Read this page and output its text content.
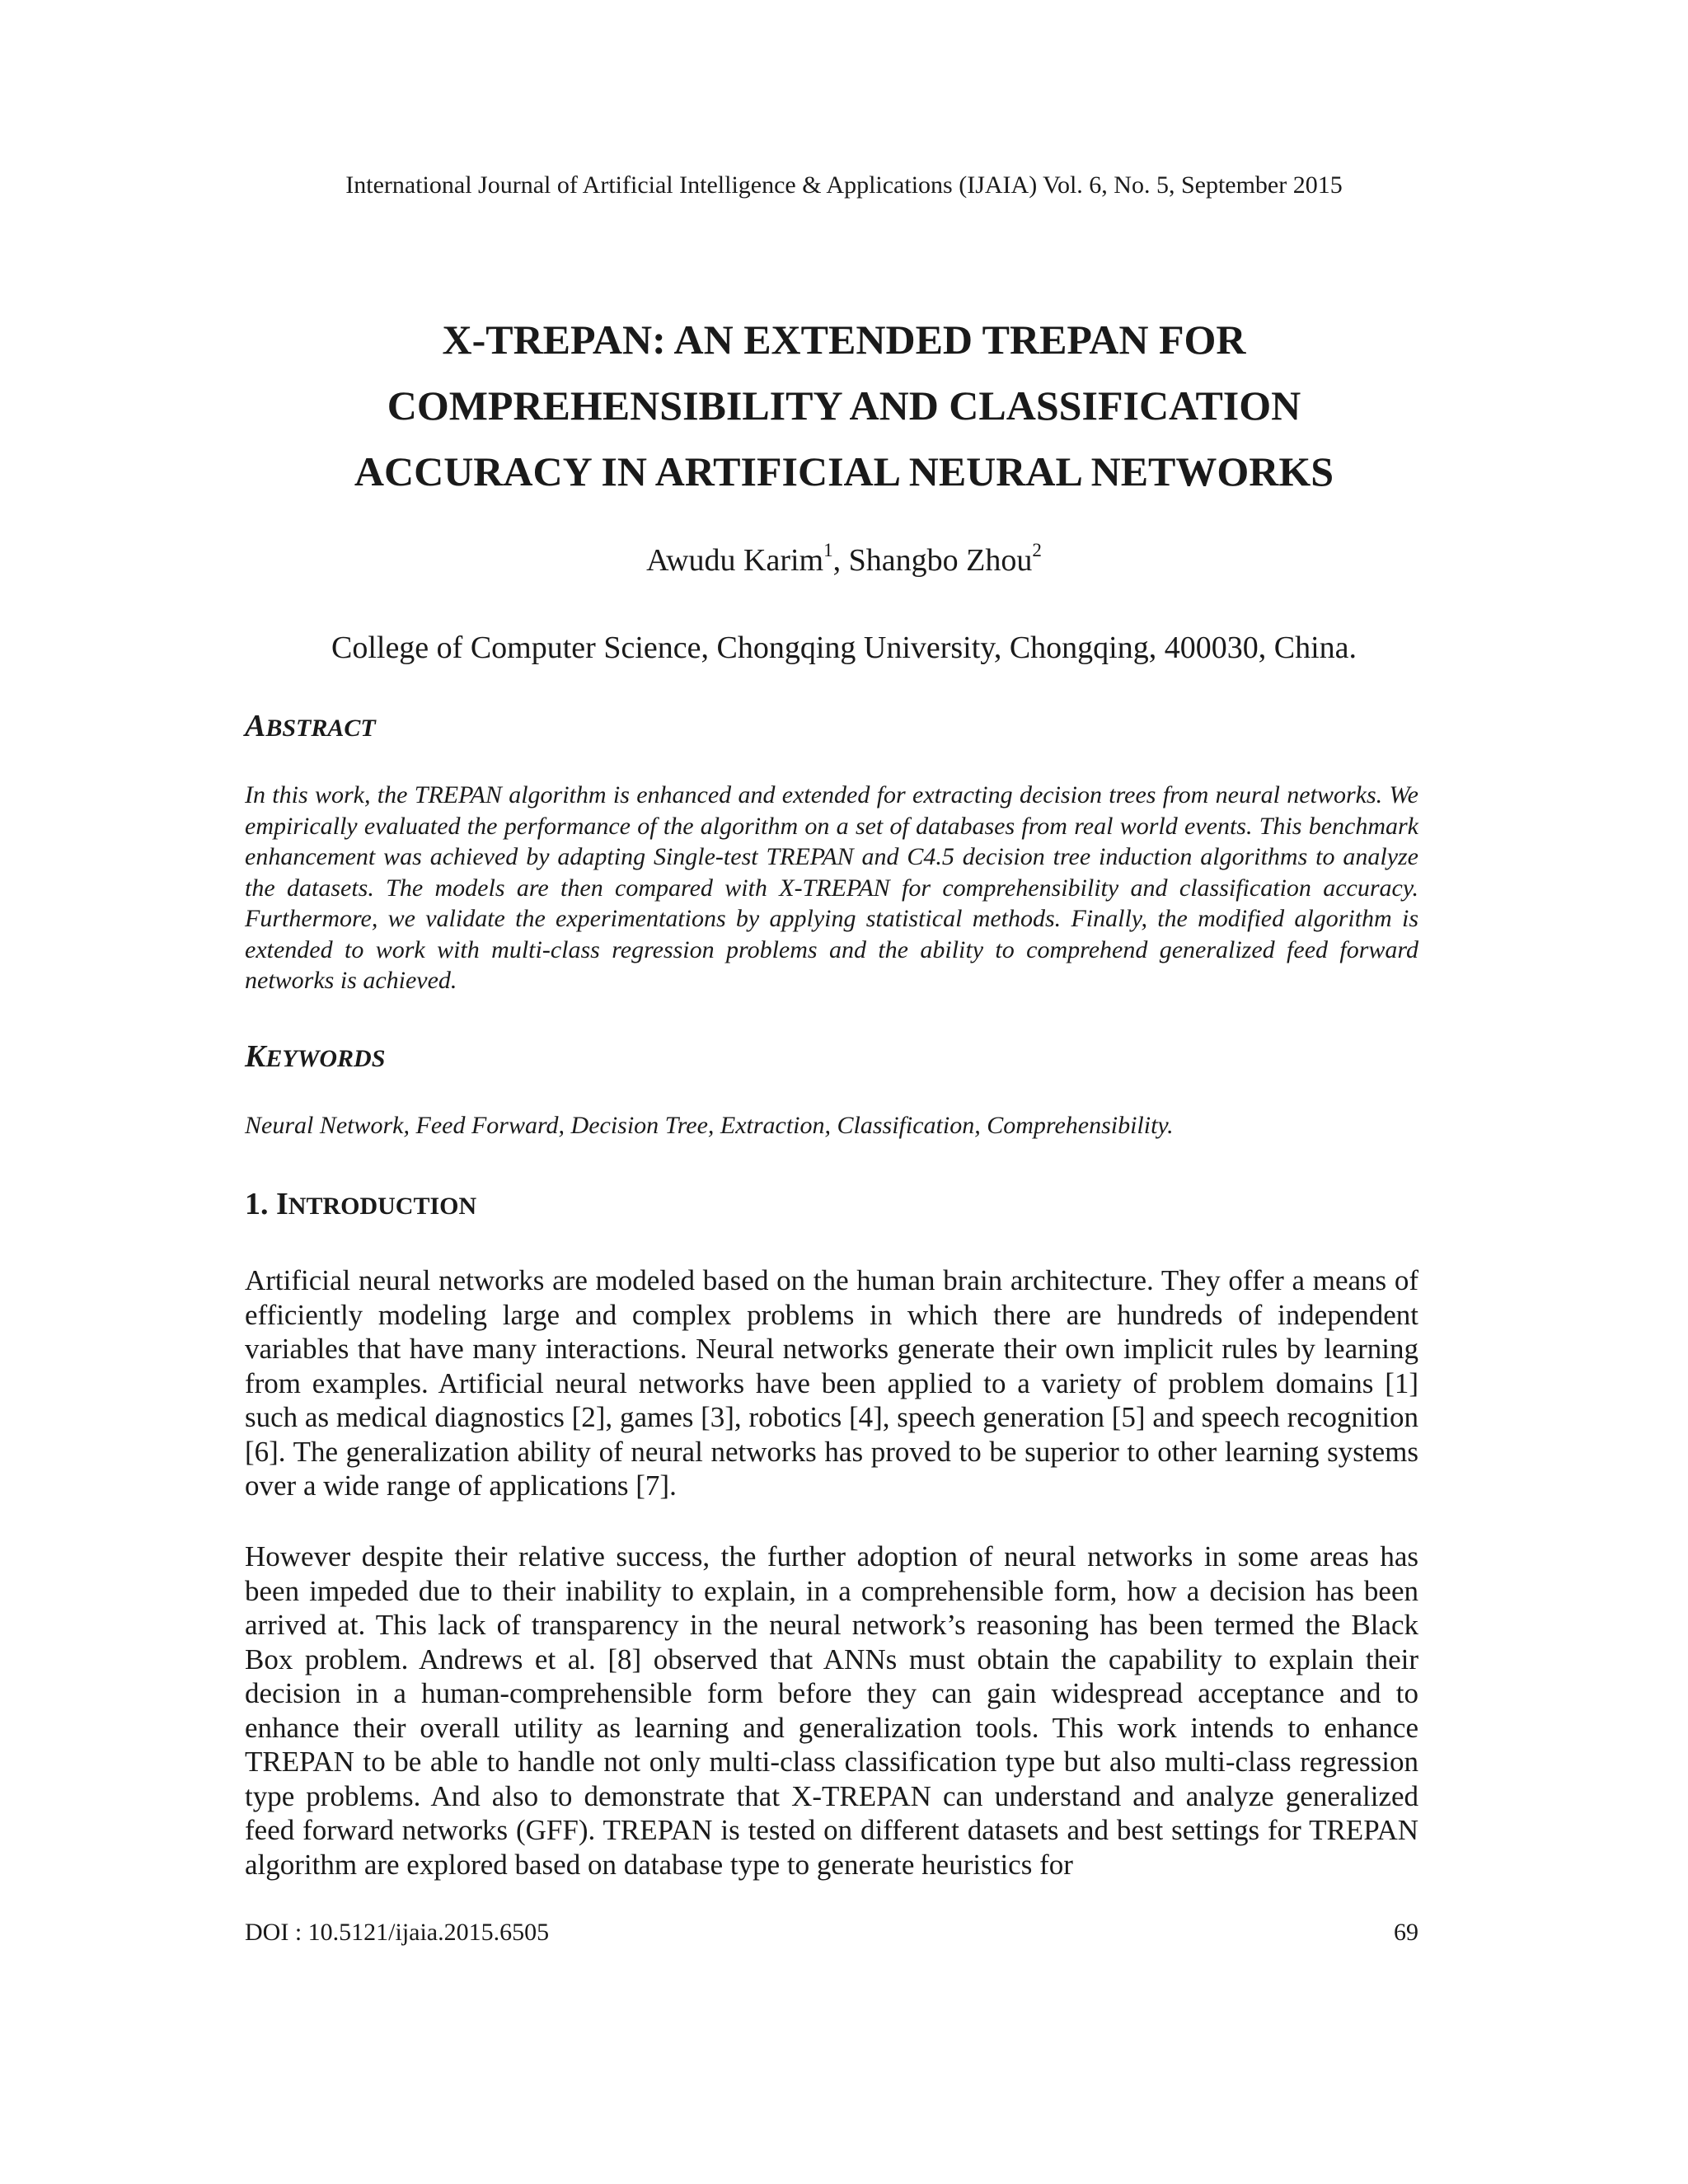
International Journal of Artificial Intelligence & Applications (IJAIA) Vol. 6, No. 5, September 2015
X-TREPAN: AN EXTENDED TREPAN FOR
COMPREHENSIBILITY AND CLASSIFICATION
ACCURACY IN ARTIFICIAL NEURAL NETWORKS
Awudu Karim$^1$, Shangbo Zhou$^2$
College of Computer Science, Chongqing University, Chongqing, 400030, China.
ABSTRACT

In this work, the TREPAN algorithm is enhanced and extended for extracting decision trees from neural networks. We empirically evaluated the performance of the algorithm on a set of databases from real world events. This benchmark enhancement was achieved by adapting Single-test TREPAN and C4.5 decision tree induction algorithms to analyze the datasets. The models are then compared with X-TREPAN for comprehensibility and classification accuracy. Furthermore, we validate the experimentations by applying statistical methods. Finally, the modified algorithm is extended to work with multi-class regression problems and the ability to comprehend generalized feed forward networks is achieved.

KEYWORDS

Neural Network, Feed Forward, Decision Tree, Extraction, Classification, Comprehensibility.

1. INTRODUCTION

Artificial neural networks are modeled based on the human brain architecture. They offer a means of efficiently modeling large and complex problems in which there are hundreds of independent variables that have many interactions. Neural networks generate their own implicit rules by learning from examples. Artificial neural networks have been applied to a variety of problem domains [1] such as medical diagnostics [2], games [3], robotics [4], speech generation [5] and speech recognition [6]. The generalization ability of neural networks has proved to be superior to other learning systems over a wide range of applications [7].

However despite their relative success, the further adoption of neural networks in some areas has been impeded due to their inability to explain, in a comprehensible form, how a decision has been arrived at. This lack of transparency in the neural network’s reasoning has been termed the Black Box problem. Andrews et al. [8] observed that ANNs must obtain the capability to explain their decision in a human-comprehensible form before they can gain widespread acceptance and to enhance their overall utility as learning and generalization tools. This work intends to enhance TREPAN to be able to handle not only multi-class classification type but also multi-class regression type problems. And also to demonstrate that X-TREPAN can understand and analyze generalized feed forward networks (GFF). TREPAN is tested on different datasets and best settings for TREPAN algorithm are explored based on database type to generate heuristics for

DOI : 10.5121/ijaia.2015.6505	69
